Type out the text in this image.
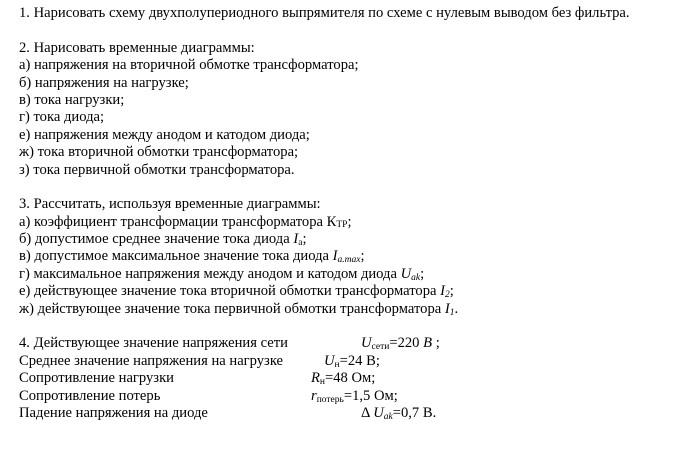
1. Нарисовать схему двухполупериодного выпрямителя по схеме с нулевым выводом без фильтра.
2. Нарисовать временные диаграммы:
а) напряжения на вторичной обмотке трансформатора;
б) напряжения на нагрузке;
в) тока нагрузки;
г) тока диода;
е) напряжения между анодом и катодом диода;
ж) тока вторичной обмотки трансформатора;
з) тока первичной обмотки трансформатора.
3. Рассчитать, используя временные диаграммы:
а) коэффициент трансформации трансформатора КТР;
б) допустимое среднее значение тока диода $I_а$;
в) допустимое максимальное значение тока диода $I_{a.max}$;
г) максимальное напряжения между анодом и катодом диода $U_{ak}$;
е) действующее значение тока вторичной обмотки трансформатора $I_2$;
ж) действующее значение тока первичной обмотки трансформатора $I_1$.
4. Действующее значение напряжения сети	$U_{сети}=220$ В ;
Среднее значение напряжения на нагрузке	$U_н=24$ В;
Сопротивление нагрузки	$R_н=48$ Ом;
Сопротивление потерь	$r_{потерь}=1,5$ Ом;
Падение напряжения на диоде	Δ $U_{ak}=0,7$ В.
